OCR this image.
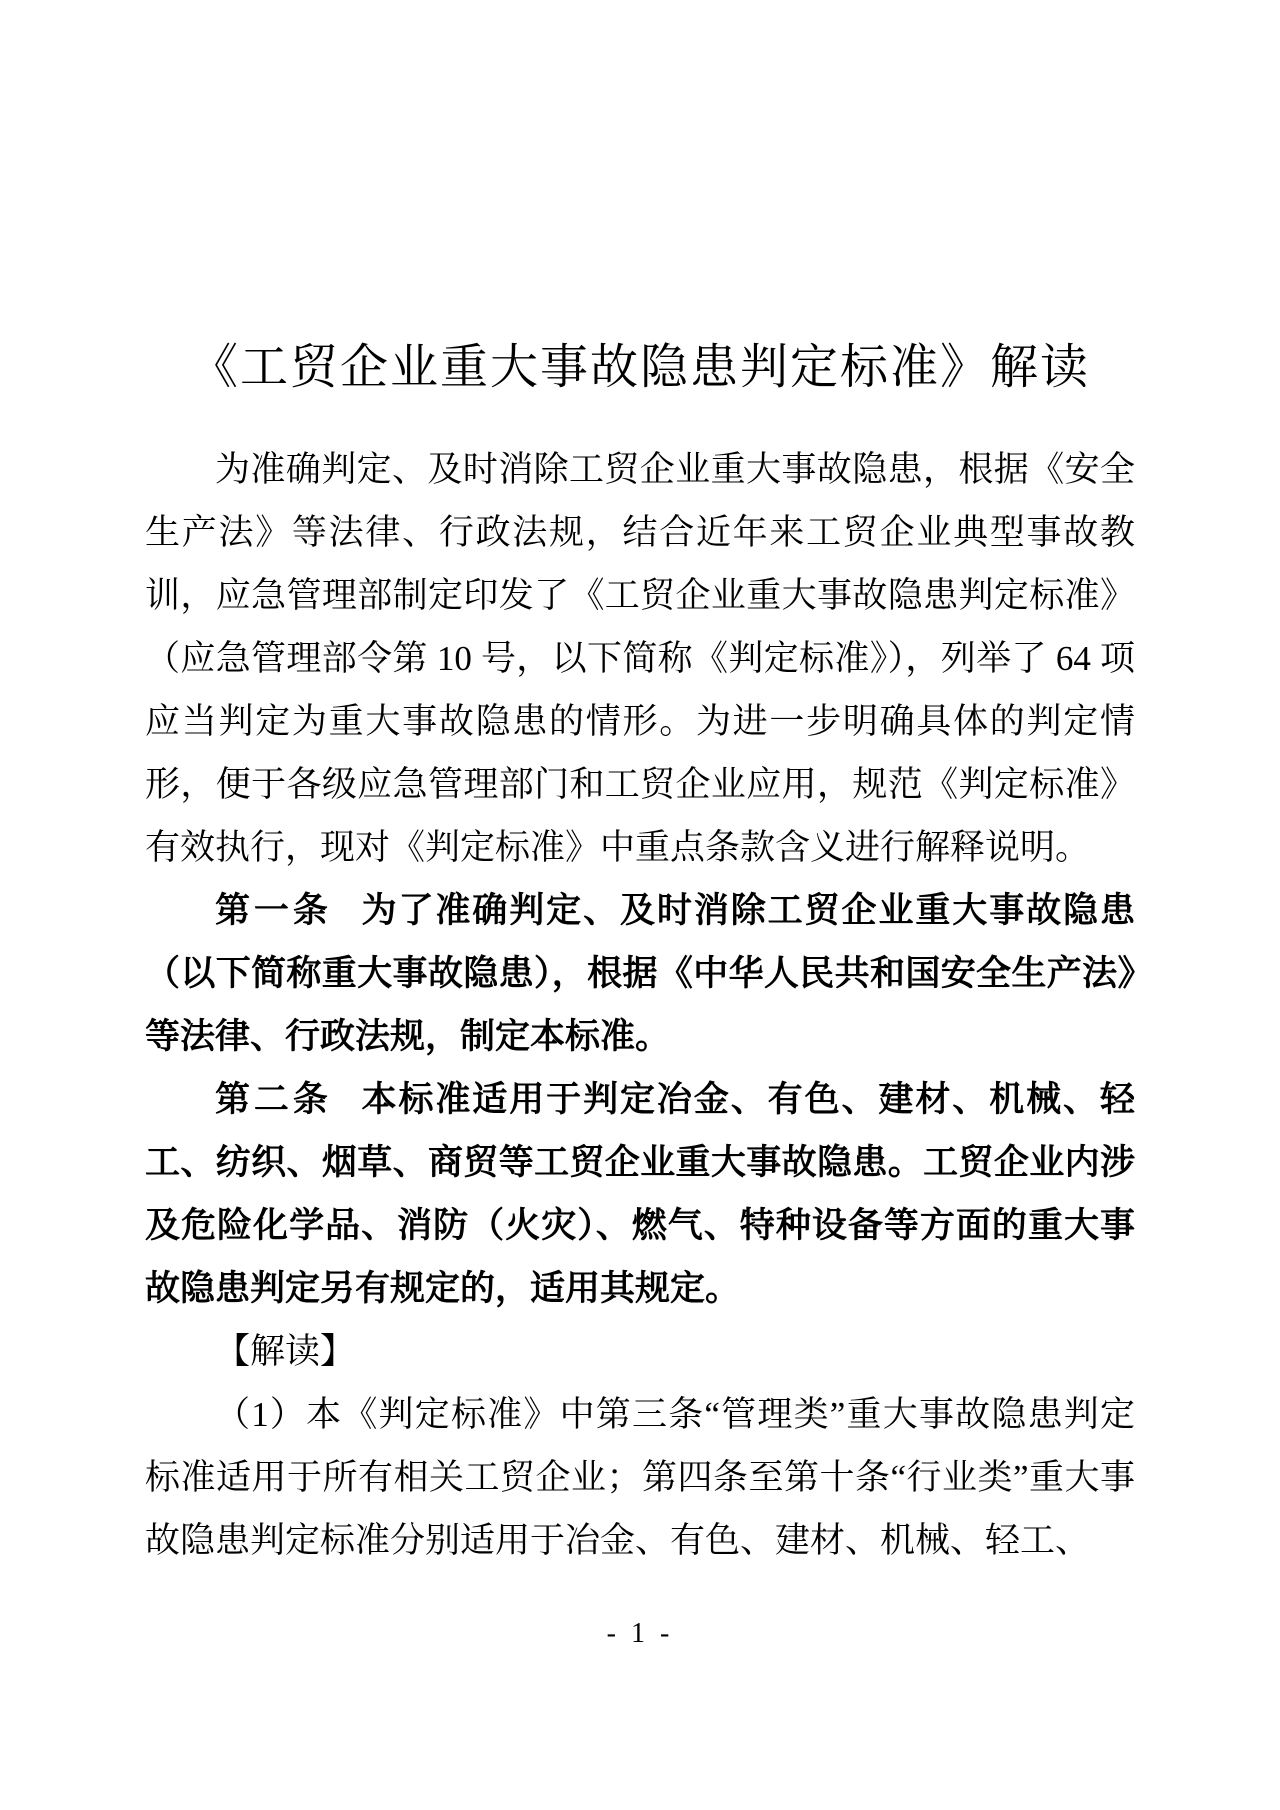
《工贸企业重大事故隐患判定标准》解读

为准确判定、及时消除工贸企业重大事故隐患，根据《安全生产法》等法律、行政法规，结合近年来工贸企业典型事故教训，应急管理部制定印发了《工贸企业重大事故隐患判定标准》（应急管理部令第 10 号，以下简称《判定标准》），列举了 64 项应当判定为重大事故隐患的情形。为进一步明确具体的判定情形，便于各级应急管理部门和工贸企业应用，规范《判定标准》有效执行，现对《判定标准》中重点条款含义进行解释说明。

第一条 为了准确判定、及时消除工贸企业重大事故隐患（以下简称重大事故隐患），根据《中华人民共和国安全生产法》等法律、行政法规，制定本标准。

第二条 本标准适用于判定冶金、有色、建材、机械、轻工、纺织、烟草、商贸等工贸企业重大事故隐患。工贸企业内涉及危险化学品、消防（火灾）、燃气、特种设备等方面的重大事故隐患判定另有规定的，适用其规定。

【解读】

（1）本《判定标准》中第三条“管理类”重大事故隐患判定标准适用于所有相关工贸企业；第四条至第十条“行业类”重大事故隐患判定标准分别适用于冶金、有色、建材、机械、轻工、

- 1 -
